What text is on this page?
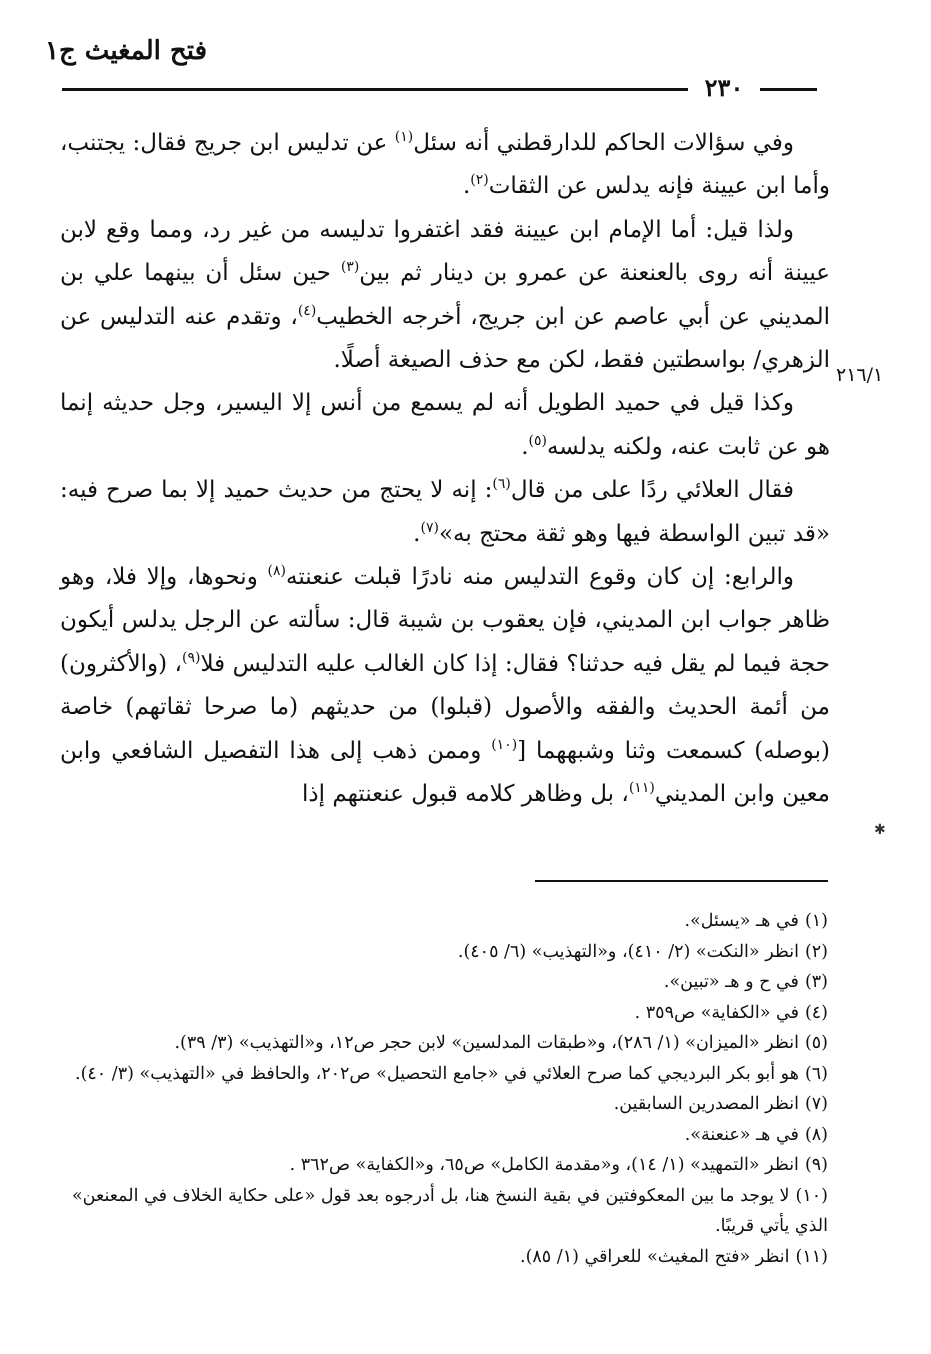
فتح المغيث ج١
٢٣٠
٢١٦/١
✱

وفي سؤالات الحاكم للدارقطني أنه سئل$^{(١)}$ عن تدليس ابن جريج فقال: يجتنب، وأما ابن عيينة فإنه يدلس عن الثقات$^{(٢)}$.

ولذا قيل: أما الإمام ابن عيينة فقد اغتفروا تدليسه من غير رد، ومما وقع لابن عيينة أنه روى بالعنعنة عن عمرو بن دينار ثم بين$^{(٣)}$ حين سئل أن بينهما علي بن المديني عن أبي عاصم عن ابن جريج، أخرجه الخطيب$^{(٤)}$، وتقدم عنه التدليس عن الزهري/ بواسطتين فقط، لكن مع حذف الصيغة أصلًا.

وكذا قيل في حميد الطويل أنه لم يسمع من أنس إلا اليسير، وجل حديثه إنما هو عن ثابت عنه، ولكنه يدلسه$^{(٥)}$.

فقال العلائي ردًا على من قال$^{(٦)}$: إنه لا يحتج من حديث حميد إلا بما صرح فيه: «قد تبين الواسطة فيها وهو ثقة محتج به»$^{(٧)}$.

والرابع: إن كان وقوع التدليس منه نادرًا قبلت عنعنته$^{(٨)}$ ونحوها، وإلا فلا، وهو ظاهر جواب ابن المديني، فإن يعقوب بن شيبة قال: سألته عن الرجل يدلس أيكون حجة فيما لم يقل فيه حدثنا؟ فقال: إذا كان الغالب عليه التدليس فلا$^{(٩)}$، (والأكثرون) من أئمة الحديث والفقه والأصول (قبلوا) من حديثهم (ما صرحا ثقاتهم) خاصة (بوصله) كسمعت وثنا وشبههما [$^{(١٠)}$ وممن ذهب إلى هذا التفصيل الشافعي وابن معين وابن المديني$^{(١١)}$، بل وظاهر كلامه قبول عنعنتهم إذا

(١)في هـ «يسئل».
(٢)انظر «النكت» (٢/ ٤١٠)، و«التهذيب» (٦/ ٤٠٥).
(٣)في ح و هـ «تبين».
(٤)في «الكفاية» ص٣٥٩ .
(٥)انظر «الميزان» (١/ ٢٨٦)، و«طبقات المدلسين» لابن حجر ص١٢، و«التهذيب» (٣/ ٣٩).
(٦)هو أبو بكر البرديجي كما صرح العلائي في «جامع التحصيل» ص٢٠٢، والحافظ في «التهذيب» (٣/ ٤٠).
(٧)انظر المصدرين السابقين.
(٨)في هـ «عنعنة».
(٩)انظر «التمهيد» (١/ ١٤)، و«مقدمة الكامل» ص٦٥، و«الكفاية» ص٣٦٢ .
(١٠)لا يوجد ما بين المعكوفتين في بقية النسخ هنا، بل أدرجوه بعد قول «على حكاية الخلاف في المعنعن» الذي يأتي قريبًا.
(١١)انظر «فتح المغيث» للعراقي (١/ ٨٥).
